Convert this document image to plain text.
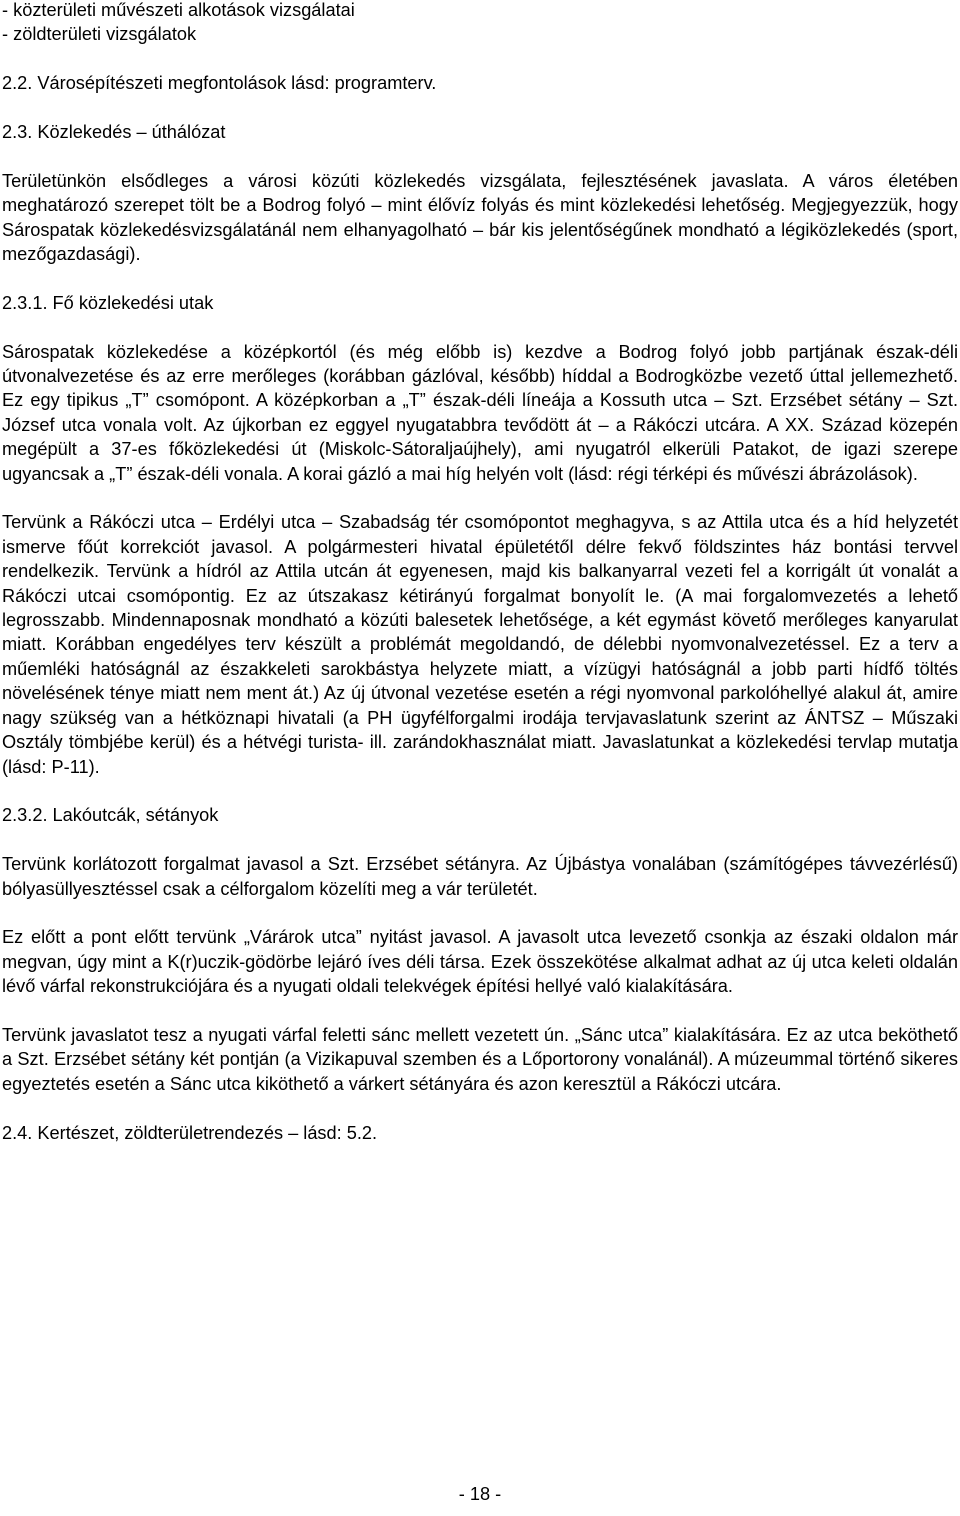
- közterületi művészeti alkotások vizsgálatai

- zöldterületi vizsgálatok

2.2. Városépítészeti megfontolások lásd: programterv.

2.3. Közlekedés – úthálózat

Területünkön elsődleges a városi közúti közlekedés vizsgálata, fejlesztésének javaslata. A város életében meghatározó szerepet tölt be a Bodrog folyó – mint élővíz folyás és mint közlekedési lehetőség. Megjegyezzük, hogy Sárospatak közlekedésvizsgálatánál nem elhanyagolható – bár kis jelentőségűnek mondható a légiközlekedés (sport, mezőgazdasági).

2.3.1. Fő közlekedési utak

Sárospatak közlekedése a középkortól (és még előbb is) kezdve a Bodrog folyó jobb partjának észak-déli útvonalvezetése és az erre merőleges (korábban gázlóval, később) híddal a Bodrogközbe vezető úttal jellemezhető. Ez egy tipikus „T” csomópont. A középkorban a „T” észak-déli líneája a Kossuth utca – Szt. Erzsébet sétány – Szt. József utca vonala volt. Az újkorban ez eggyel nyugatabbra tevődött át – a Rákóczi utcára. A XX. Század közepén megépült a 37-es főközlekedési út (Miskolc-Sátoraljaújhely), ami nyugatról elkerüli Patakot, de igazi szerepe ugyancsak a „T” észak-déli vonala. A korai gázló a mai híg helyén volt (lásd: régi térképi és művészi ábrázolások).

Tervünk a Rákóczi utca – Erdélyi utca – Szabadság tér csomópontot meghagyva, s az Attila utca és a híd helyzetét ismerve főút korrekciót javasol. A polgármesteri hivatal épületétől délre fekvő földszintes ház bontási tervvel rendelkezik. Tervünk a hídról az Attila utcán át egyenesen, majd kis balkanyarral vezeti fel a korrigált út vonalát a Rákóczi utcai csomópontig. Ez az útszakasz kétirányú forgalmat bonyolít le. (A mai forgalomvezetés a lehető legrosszabb. Mindennaposnak mondható a közúti balesetek lehetősége, a két egymást követő merőleges kanyarulat miatt. Korábban engedélyes terv készült a problémát megoldandó, de délebbi nyomvonalvezetéssel. Ez a terv a műemléki hatóságnál az északkeleti sarokbástya helyzete miatt, a vízügyi hatóságnál a jobb parti hídfő töltés növelésének ténye miatt nem ment át.) Az új útvonal vezetése esetén a régi nyomvonal parkolóhellyé alakul át, amire nagy szükség van a hétköznapi hivatali (a PH ügyfélforgalmi irodája tervjavaslatunk szerint az ÁNTSZ – Műszaki Osztály tömbjébe kerül) és a hétvégi turista- ill. zarándokhasználat miatt. Javaslatunkat a közlekedési tervlap mutatja (lásd: P-11).

2.3.2. Lakóutcák, sétányok

Tervünk korlátozott forgalmat javasol a Szt. Erzsébet sétányra. Az Újbástya vonalában (számítógépes távvezérlésű) bólyasüllyesztéssel csak a célforgalom közelíti meg a vár területét.

Ez előtt a pont előtt tervünk „Várárok utca” nyitást javasol. A javasolt utca levezető csonkja az északi oldalon már megvan, úgy mint a K(r)uczik-gödörbe lejáró íves déli társa. Ezek összekötése alkalmat adhat az új utca keleti oldalán lévő várfal rekonstrukciójára és a nyugati oldali telekvégek építési hellyé való kialakítására.

Tervünk javaslatot tesz a nyugati várfal feletti sánc mellett vezetett ún. „Sánc utca” kialakítására. Ez az utca beköthető a Szt. Erzsébet sétány két pontján (a Vizikapuval szemben és a Lőportorony vonalánál). A múzeummal történő sikeres egyeztetés esetén a Sánc utca kiköthető a várkert sétányára és azon keresztül a Rákóczi utcára.

2.4. Kertészet, zöldterületrendezés – lásd: 5.2.

- 18 -
